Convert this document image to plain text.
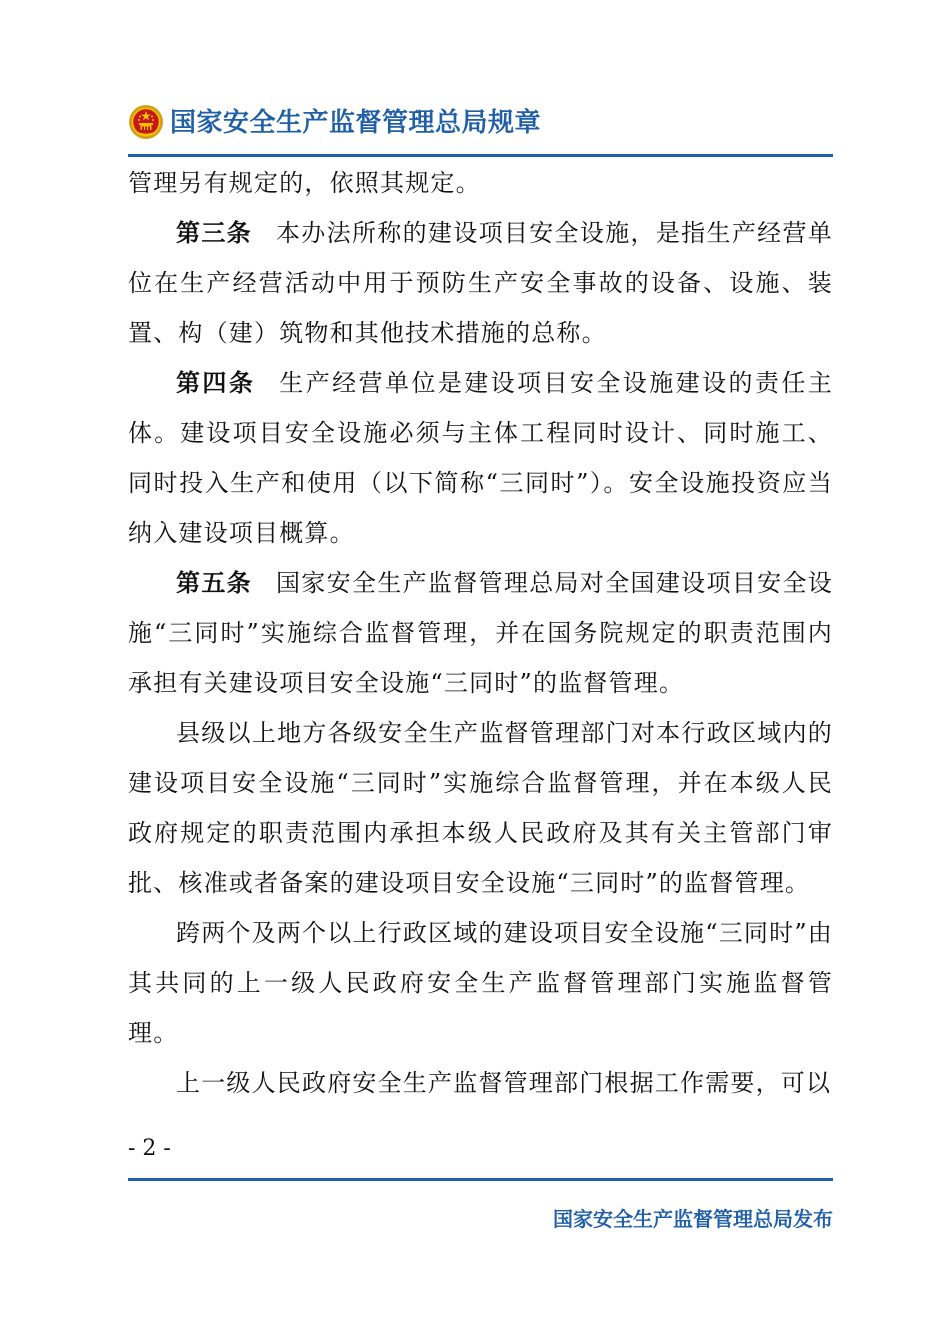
国家安全生产监督管理总局规章

管理另有规定的，依照其规定。

第三条 本办法所称的建设项目安全设施，是指生产经营单位在生产经营活动中用于预防生产安全事故的设备、设施、装置、构（建）筑物和其他技术措施的总称。

第四条 生产经营单位是建设项目安全设施建设的责任主体。建设项目安全设施必须与主体工程同时设计、同时施工、同时投入生产和使用（以下简称“三同时”）。安全设施投资应当纳入建设项目概算。

第五条 国家安全生产监督管理总局对全国建设项目安全设施“三同时”实施综合监督管理，并在国务院规定的职责范围内承担有关建设项目安全设施“三同时”的监督管理。

县级以上地方各级安全生产监督管理部门对本行政区域内的建设项目安全设施“三同时”实施综合监督管理，并在本级人民政府规定的职责范围内承担本级人民政府及其有关主管部门审批、核准或者备案的建设项目安全设施“三同时”的监督管理。

跨两个及两个以上行政区域的建设项目安全设施“三同时”由其共同的上一级人民政府安全生产监督管理部门实施监督管理。

上一级人民政府安全生产监督管理部门根据工作需要，可以

- 2 -
国家安全生产监督管理总局发布
